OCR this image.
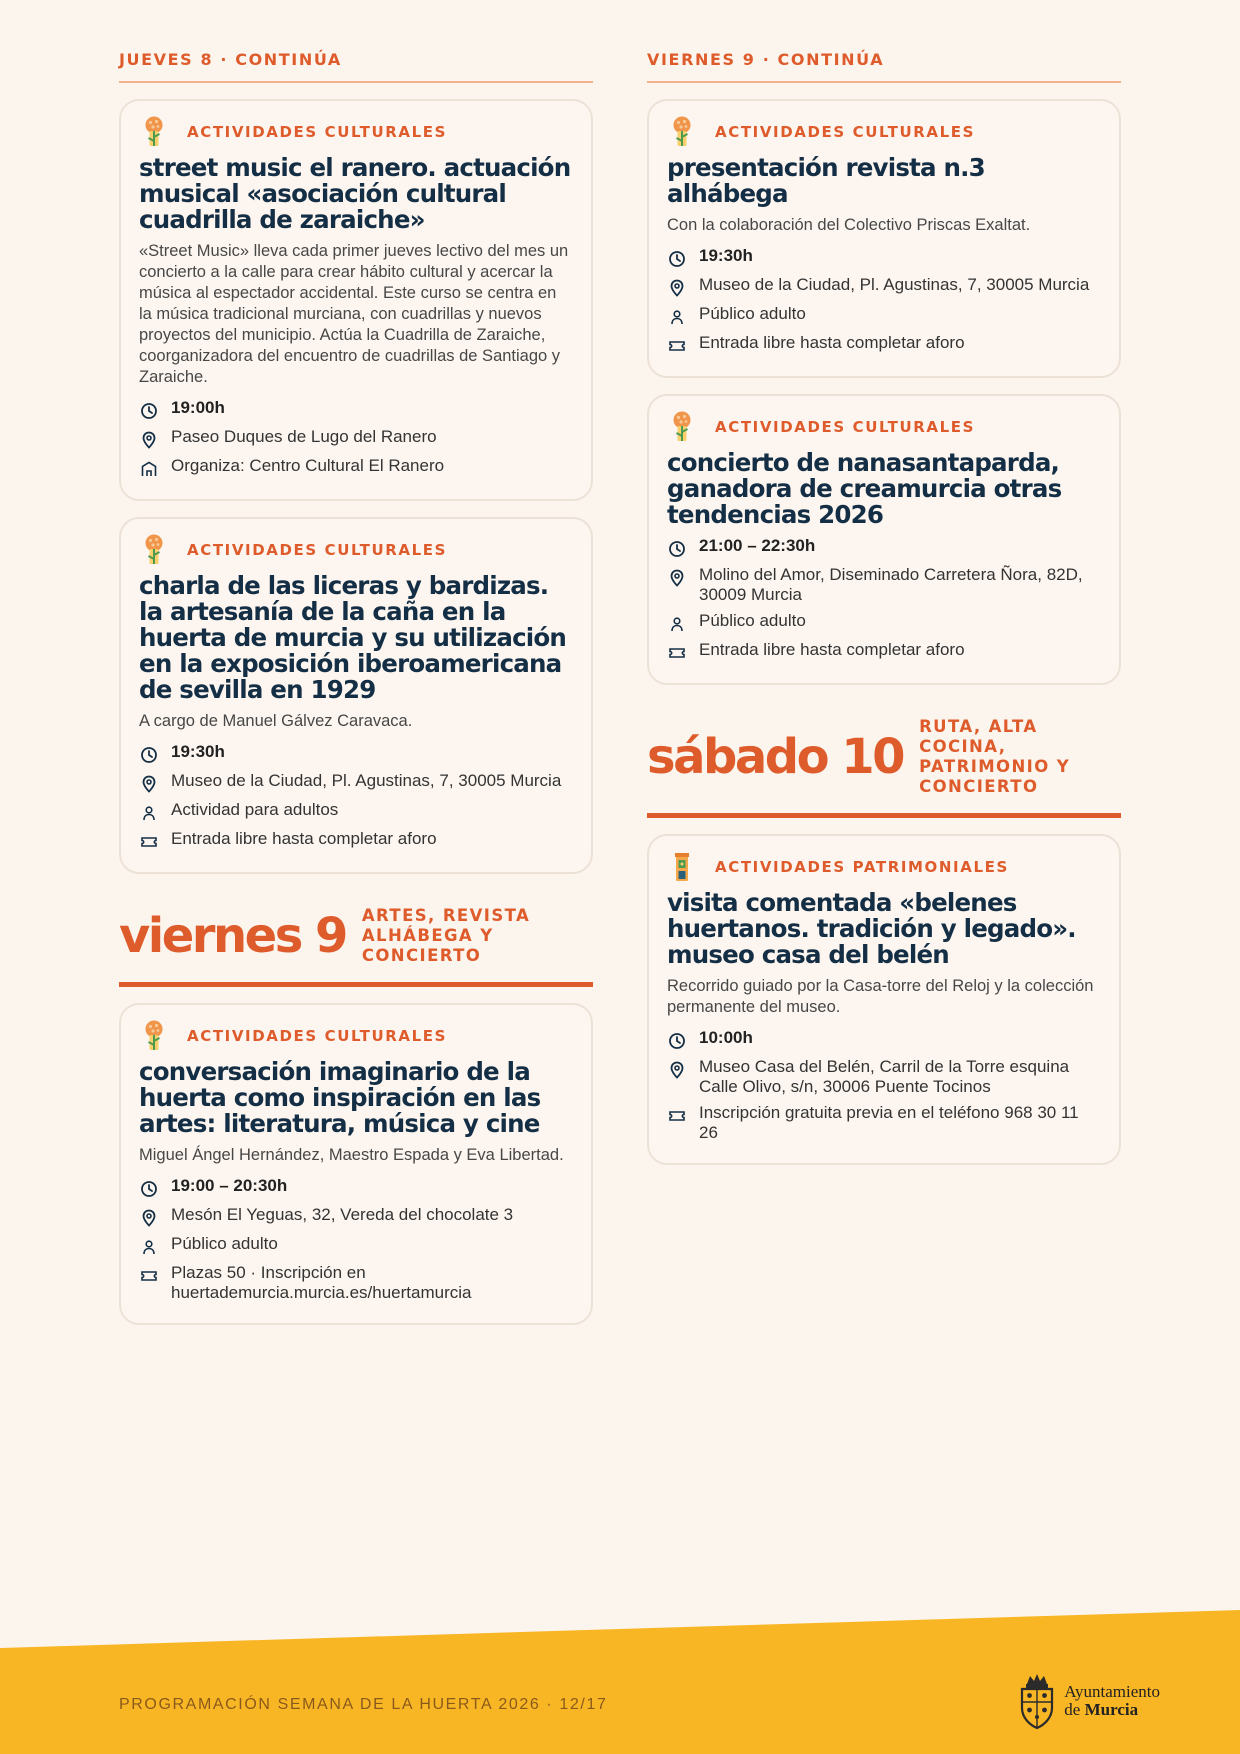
JUEVES 8 · CONTINÚA
ACTIVIDADES CULTURALES
street music el ranero. actuación musical «asociación cultural cuadrilla de zaraiche»
«Street Music» lleva cada primer jueves lectivo del mes un concierto a la calle para crear hábito cultural y acercar la música al espectador accidental. Este curso se centra en la música tradicional murciana, con cuadrillas y nuevos proyectos del municipio. Actúa la Cuadrilla de Zaraiche, coorganizadora del encuentro de cuadrillas de Santiago y Zaraiche.
19:00h
Paseo Duques de Lugo del Ranero
Organiza: Centro Cultural El Ranero
ACTIVIDADES CULTURALES
charla de las liceras y bardizas. la artesanía de la caña en la huerta de murcia y su utilización en la exposición iberoamericana de sevilla en 1929
A cargo de Manuel Gálvez Caravaca.
19:30h
Museo de la Ciudad, Pl. Agustinas, 7, 30005 Murcia
Actividad para adultos
Entrada libre hasta completar aforo
viernes 9 ARTES, REVISTA
ALHÁBEGA Y
CONCIERTO
ACTIVIDADES CULTURALES
conversación imaginario de la huerta como inspiración en las artes: literatura, música y cine
Miguel Ángel Hernández, Maestro Espada y Eva Libertad.
19:00 – 20:30h
Mesón El Yeguas, 32, Vereda del chocolate 3
Público adulto
Plazas 50 · Inscripción en huertademurcia.murcia.es/huertamurcia
VIERNES 9 · CONTINÚA
ACTIVIDADES CULTURALES
presentación revista n.3 alhábega
Con la colaboración del Colectivo Priscas Exaltat.
19:30h
Museo de la Ciudad, Pl. Agustinas, 7, 30005 Murcia
Público adulto
Entrada libre hasta completar aforo
ACTIVIDADES CULTURALES
concierto de nanasantaparda, ganadora de creamurcia otras tendencias 2026
21:00 – 22:30h
Molino del Amor, Diseminado Carretera Ñora, 82D, 30009 Murcia
Público adulto
Entrada libre hasta completar aforo
sábado 10
RUTA, ALTA COCINA,
PATRIMONIO Y
CONCIERTO
ACTIVIDADES PATRIMONIALES
visita comentada «belenes huertanos. tradición y legado». museo casa del belén
Recorrido guiado por la Casa-torre del Reloj y la colección permanente del museo.
10:00h
Museo Casa del Belén, Carril de la Torre esquina Calle Olivo, s/n, 30006 Puente Tocinos
Inscripción gratuita previa en el teléfono 968 30 11 26
PROGRAMACIÓN SEMANA DE LA HUERTA 2026 · 12/17
Ayuntamiento
de Murcia
